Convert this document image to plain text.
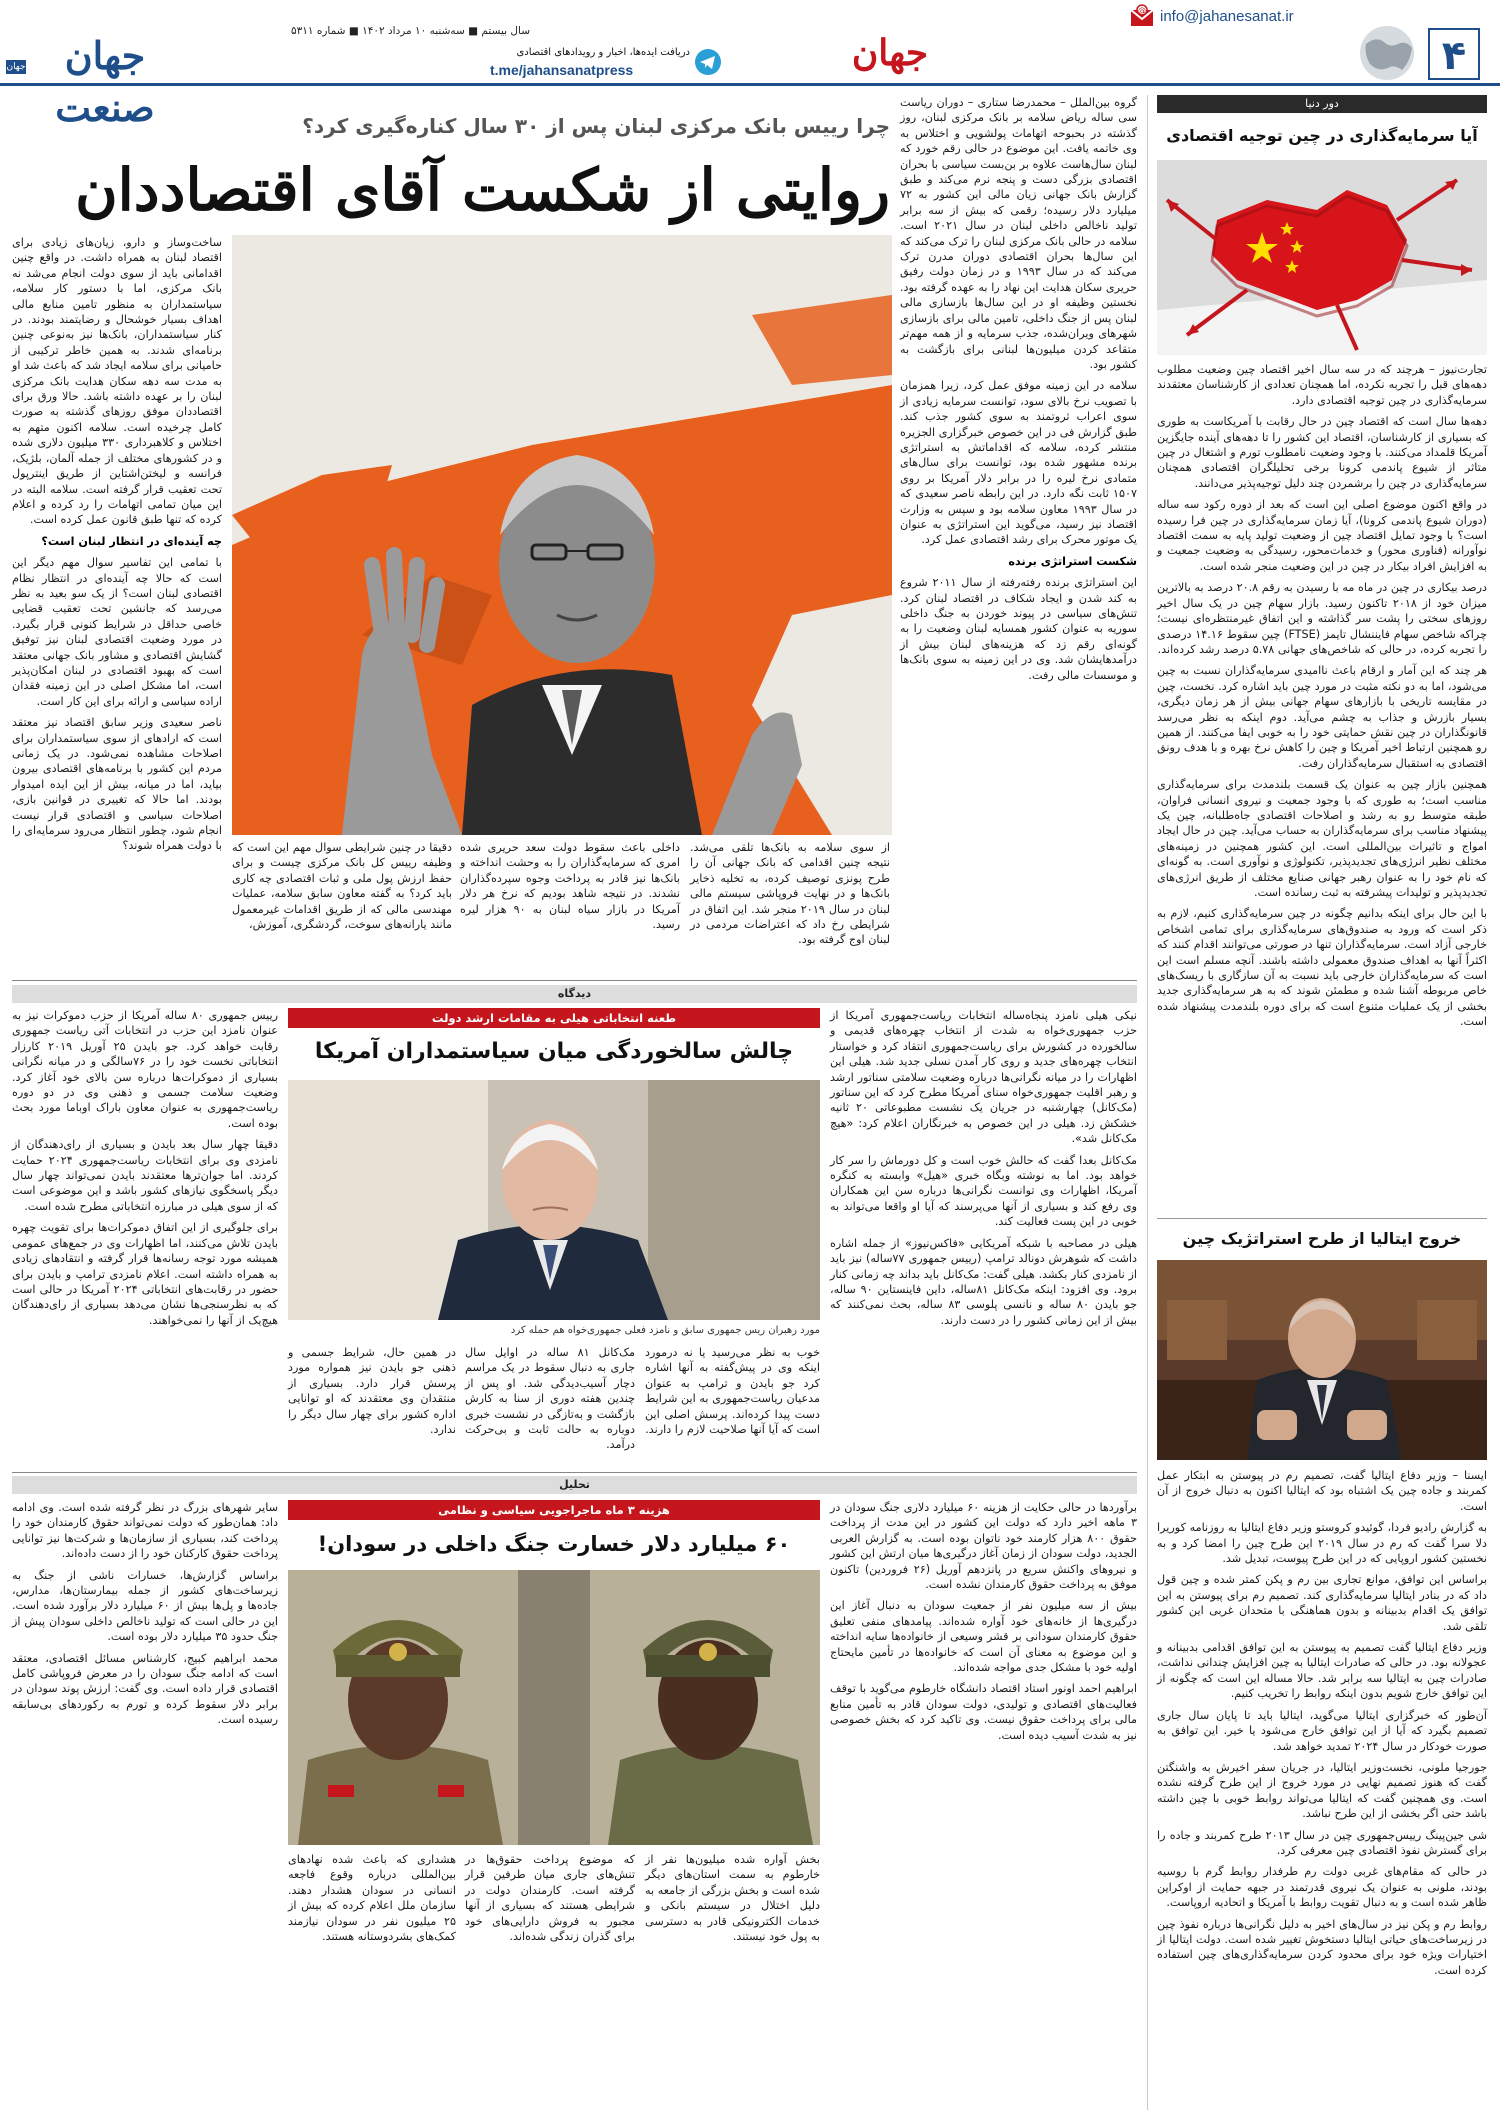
۴
info@jahanesanat.ir
@
جهان
دریافت ایده‌ها، اخبار و رویدادهای اقتصادی
t.me/jahansanatpress
سال بیستم ■ سه‌شنبه ۱۰ مرداد ۱۴۰۲ ■ شماره ۵۳۱۱
جهان صنعت
جهان
دور دنیا
آیا سرمایه‌گذاری در چین توجیه اقتصادی

تجارت‌نیوز – هرچند که در سه سال اخیر اقتصاد چین وضعیت مطلوب دهه‌های قبل را تجربه نکرده، اما همچنان تعدادی از کارشناسان معتقدند سرمایه‌گذاری در چین توجیه اقتصادی دارد.

دهه‌ها سال است که اقتصاد چین در حال رقابت با آمریکاست به طوری که بسیاری از کارشناسان، اقتصاد این کشور را تا دهه‌های آینده جایگزین آمریکا قلمداد می‌کنند. با وجود وضعیت نامطلوب تورم و اشتغال در چین متاثر از شیوع پاندمی کرونا برخی تحلیلگران اقتصادی همچنان سرمایه‌گذاری در چین را برشمردن چند دلیل توجیه‌پذیر می‌دانند.

در واقع اکنون موضوع اصلی این است که بعد از دوره رکود سه ساله (دوران شیوع پاندمی کرونا)، آیا زمان سرمایه‌گذاری در چین فرا رسیده است؟ با وجود تمایل اقتصاد چین از وضعیت تولید پایه به سمت اقتصاد نوآورانه (فناوری محور) و خدمات‌محور، رسیدگی به وضعیت جمعیت و به افزایش افراد بیکار در چین در این وضعیت منجر شده است.

درصد بیکاری در چین در ماه مه با رسیدن به رقم ۲۰.۸ درصد به بالاترین میزان خود از ۲۰۱۸ تاکنون رسید. بازار سهام چین در یک سال اخیر روزهای سختی را پشت سر گذاشته و این اتفاق غیرمنتظره‌ای نیست؛ چراکه شاخص سهام فایننشال تایمز (FTSE) چین سقوط ۱۴.۱۶ درصدی را تجربه کرده، در حالی که شاخص‌های جهانی ۵.۷۸ درصد رشد کرده‌اند.

هر چند که این آمار و ارقام باعث ناامیدی سرمایه‌گذاران نسبت به چین می‌شود، اما به دو نکته مثبت در مورد چین باید اشاره کرد. نخست، چین در مقایسه تاریخی با بازارهای سهام جهانی بیش از هر زمان دیگری، بسیار بازرش و جذاب به چشم می‌آید. دوم اینکه به نظر می‌رسد قانونگذاران در چین نقش حمایتی خود را به خوبی ایفا می‌کنند. از همین رو همچنین ارتباط اخیر آمریکا و چین را کاهش نرخ بهره و با هدف رونق اقتصادی به استقبال سرمایه‌گذاران رفت.

همچنین بازار چین به عنوان یک قسمت بلندمدت برای سرمایه‌گذاری مناسب است؛ به طوری که با وجود جمعیت و نیروی انسانی فراوان، طبقه متوسط رو به رشد و اصلاحات اقتصادی جاه‌طلبانه، چین یک پیشنهاد مناسب برای سرمایه‌گذاران به حساب می‌آید. چین در حال ایجاد امواج و تاثیرات بین‌المللی است. این کشور همچنین در زمینه‌های مختلف نظیر انرژی‌های تجدیدپذیر، تکنولوژی و نوآوری است. به گونه‌ای که نام خود را به عنوان رهبر جهانی صنایع مختلف از طریق انرژی‌های تجدیدپذیر و تولیدات پیشرفته به ثبت رسانده است.

با این حال برای اینکه بدانیم چگونه در چین سرمایه‌گذاری کنیم، لازم به ذکر است که ورود به صندوق‌های سرمایه‌گذاری برای تمامی اشخاص خارجی آزاد است. سرمایه‌گذاران تنها در صورتی می‌توانند اقدام کنند که اکثراً آنها به اهداف صندوق معمولی داشته باشند. آنچه مسلم است این است که سرمایه‌گذاران خارجی باید نسبت به آن سازگاری با ریسک‌های خاص مربوطه آشنا شده و مطمئن شوند که به هر سرمایه‌گذاری جدید بخشی از یک عملیات متنوع است که برای دوره بلندمدت پیشنهاد شده است.

خروج ایتالیا از طرح استراتژیک چین

ایسنا – وزیر دفاع ایتالیا گفت، تصمیم رم در پیوستن به ابتکار عمل کمربند و جاده چین یک اشتباه بود که ایتالیا اکنون به دنبال خروج از آن است.

به گزارش رادیو فردا، گوئیدو کروستو وزیر دفاع ایتالیا به روزنامه کوریرا دلا سرا گفت که رم در سال ۲۰۱۹ این طرح چین را امضا کرد و به نخستین کشور اروپایی که در این طرح پیوست، تبدیل شد.

براساس این توافق، موانع تجاری بین رم و پکن کمتر شده و چین قول داد که در بنادر ایتالیا سرمایه‌گذاری کند. تصمیم رم برای پیوستن به این توافق یک اقدام بدبینانه و بدون هماهنگی با متحدان غربی این کشور تلقی شد.

وزیر دفاع ایتالیا گفت تصمیم به پیوستن به این توافق اقدامی بدبینانه و عجولانه بود. در حالی که صادرات ایتالیا به چین افزایش چندانی نداشت، صادرات چین به ایتالیا سه برابر شد. حالا مساله این است که چگونه از این توافق خارج شویم بدون اینکه روابط را تخریب کنیم.

آن‌طور که خبرگزاری ایتالیا می‌گوید، ایتالیا باید تا پایان سال جاری تصمیم بگیرد که آیا از این توافق خارج می‌شود یا خیر. این توافق به صورت خودکار در سال ۲۰۲۴ تمدید خواهد شد.

جورجیا ملونی، نخست‌وزیر ایتالیا، در جریان سفر اخیرش به واشنگتن گفت که هنوز تصمیم نهایی در مورد خروج از این طرح گرفته نشده است. وی همچنین گفت که ایتالیا می‌تواند روابط خوبی با چین داشته باشد حتی اگر بخشی از این طرح نباشد.

شی جین‌پینگ رییس‌جمهوری چین در سال ۲۰۱۳ طرح کمربند و جاده را برای گسترش نفوذ اقتصادی چین معرفی کرد.

در حالی که مقام‌های غربی دولت رم طرفدار روابط گرم با روسیه بودند، ملونی به عنوان یک نیروی قدرتمند در جبهه حمایت از اوکراین ظاهر شده است و به دنبال تقویت روابط با آمریکا و اتحادیه اروپاست.

روابط رم و پکن نیز در سال‌های اخیر به دلیل نگرانی‌ها درباره نفوذ چین در زیرساخت‌های حیاتی ایتالیا دستخوش تغییر شده است. دولت ایتالیا از اختیارات ویژه خود برای محدود کردن سرمایه‌گذاری‌های چین استفاده کرده است.

چرا رییس بانک مرکزی لبنان پس از ۳۰ سال کناره‌گیری کرد؟
روایتی از شکست آقای اقتصاددان

گروه بین‌الملل – محمدرضا ستاری – دوران ریاست سی ساله ریاض سلامه بر بانک مرکزی لبنان، روز گذشته در بحبوحه اتهامات پولشویی و اختلاس به وی خاتمه یافت. این موضوع در حالی رقم خورد که لبنان سال‌هاست علاوه بر بن‌بست سیاسی با بحران اقتصادی بزرگی دست و پنجه نرم می‌کند و طبق گزارش بانک جهانی زیان مالی این کشور به ۷۲ میلیارد دلار رسیده؛ رقمی که بیش از سه برابر تولید ناخالص داخلی لبنان در سال ۲۰۲۱ است. سلامه در حالی بانک مرکزی لبنان را ترک می‌کند که این سال‌ها بحران اقتصادی دوران مدرن ترک می‌کند که در سال ۱۹۹۳ و در زمان دولت رفیق حریری سکان هدایت این نهاد را به عهده گرفته بود. نخستین وظیفه او در این سال‌ها بازسازی مالی لبنان پس از جنگ داخلی، تامین مالی برای بازسازی شهرهای ویران‌شده، جذب سرمایه و از همه مهم‌تر متقاعد کردن میلیون‌ها لبنانی برای بازگشت به کشور بود.

سلامه در این زمینه موفق عمل کرد، زیرا همزمان با تصویب نرخ بالای سود، توانست سرمایه زیادی از سوی اعراب ثروتمند به سوی کشور جذب کند. طبق گزارش فی در این خصوص خبرگزاری الجزیره منتشر کرده، سلامه که اقداماتش به استراتژی برنده مشهور شده بود، توانست برای سال‌های متمادی نرخ لیره را در برابر دلار آمریکا بر روی ۱۵۰۷ ثابت نگه دارد. در این رابطه ناصر سعیدی که در سال ۱۹۹۳ معاون سلامه بود و سپس به وزارت اقتصاد نیز رسید، می‌گوید این استراتژی به عنوان یک موتور محرک برای رشد اقتصادی عمل کرد.

شکست استراتژی برنده

این استراتژی برنده رفته‌رفته از سال ۲۰۱۱ شروع به کند شدن و ایجاد شکاف در اقتصاد لبنان کرد. تنش‌های سیاسی در پیوند خوردن به جنگ داخلی سوریه به عنوان کشور همسایه لبنان وضعیت را به گونه‌ای رقم زد که هزینه‌های لبنان بیش از درآمدهایشان شد. وی در این زمینه به سوی بانک‌ها و موسسات مالی رفت.

ساخت‌وساز و دارو، زیان‌های زیادی برای اقتصاد لبنان به همراه داشت. در واقع چنین اقدامانی باید از سوی دولت انجام می‌شد نه بانک مرکزی، اما با دستور کار سلامه، سیاستمداران به منظور تامین منابع مالی اهداف بسیار خوشحال و رضایتمند بودند. در کنار سیاستمداران، بانک‌ها نیز به‌نوعی چنین برنامه‌ای شدند. به همین خاطر ترکیبی از حامیانی برای سلامه ایجاد شد که باعث شد او به مدت سه دهه سکان هدایت بانک مرکزی لبنان را بر عهده داشته باشد. حالا ورق برای اقتصاددان موفق روزهای گذشته به صورت کامل چرخیده است. سلامه اکنون متهم به اختلاس و کلاهبرداری ۳۳۰ میلیون دلاری شده و در کشورهای مختلف از جمله آلمان، بلژیک، فرانسه و لیختن‌اشتاین از طریق اینترپول تحت تعقیب قرار گرفته است. سلامه البته در این میان تمامی اتهامات را رد کرده و اعلام کرده که تنها طبق قانون عمل کرده است.

چه آینده‌ای در انتظار لبنان است؟

با تمامی این تفاسیر سوال مهم دیگر این است که حالا چه آینده‌ای در انتظار نظام اقتصادی لبنان است؟ از یک سو بعید به نظر می‌رسد که جانشین تحت تعقیب قضایی خاصی حداقل در شرایط کنونی قرار بگیرد. در مورد وضعیت اقتصادی لبنان نیز توفیق گشایش اقتصادی و مشاور بانک جهانی معتقد است که بهبود اقتصادی در لبنان امکان‌پذیر است، اما مشکل اصلی در این زمینه فقدان اراده سیاسی و ارائه برای این کار است.

ناصر سعیدی وزیر سابق اقتصاد نیز معتقد است که ارادهای از سوی سیاستمداران برای اصلاحات مشاهده نمی‌شود. در یک زمانی مردم این کشور با برنامه‌های اقتصادی بیرون بیاید، اما در میانه، بیش از این ایده امیدوار بودند. اما حالا که تغییری در قوانین بازی، اصلاحات سیاسی و اقتصادی قرار نیست انجام شود، چطور انتظار می‌رود سرمایه‌ای را با دولت همراه شوند؟	از سوی سلامه به بانک‌ها تلقی می‌شد. نتیجه چنین اقدامی که بانک جهانی آن را طرح پونزی توصیف کرده، به تخلیه ذخایر بانک‌ها و در نهایت فروپاشی سیستم مالی لبنان در سال ۲۰۱۹ منجر شد. این اتفاق در شرایطی رخ داد که اعتراضات مردمی در لبنان اوج گرفته بود.
داخلی باعث سقوط دولت سعد حریری شده امری که سرمایه‌گذاران را به وحشت انداخته و بانک‌ها نیز قادر به پرداخت وجوه سپرده‌گذاران نشدند. در نتیجه شاهد بودیم که نرخ هر دلار آمریکا در بازار سیاه لبنان به ۹۰ هزار لیره رسید.
دقیقا در چنین شرایطی سوال مهم این است که وظیفه رییس کل بانک مرکزی چیست و برای حفظ ارزش پول ملی و ثبات اقتصادی چه کاری باید کرد؟ به گفته معاون سابق سلامه، عملیات مهندسی مالی که از طریق اقدامات غیرمعمول مانند یارانه‌های سوخت، گردشگری، آموزش،
دیدگاه

نیکی هیلی نامزد پنجاه‌ساله انتخابات ریاست‌جمهوری آمریکا از حزب جمهوری‌خواه به شدت از انتخاب چهره‌های قدیمی و سالخورده در کشورش برای ریاست‌جمهوری انتقاد کرد و خواستار انتخاب چهره‌های جدید و روی کار آمدن نسلی جدید شد. هیلی این اظهارات را در میانه نگرانی‌ها درباره وضعیت سلامتی سناتور ارشد و رهبر اقلیت جمهوری‌خواه سنای آمریکا مطرح کرد که این سناتور (مک‌کانل) چهارشنبه در جریان یک نشست مطبوعاتی ۲۰ ثانیه خشکش زد. هیلی در این خصوص به خبرنگاران اعلام کرد: «هیچ مک‌کانل شد».

مک‌کانل بعدا گفت که حالش خوب است و کل دورماش را سر کار خواهد بود. اما به نوشته وبگاه خبری «هیل» وابسته به کنگره آمریکا، اظهارات وی توانست نگرانی‌ها درباره سن این همکاران وی رفع کند و بسیاری از آنها می‌پرسند که آیا او واقعا می‌تواند به خوبی در این پست فعالیت کند.

هیلی در مصاحبه با شبکه آمریکایی «فاکس‌نیوز» از جمله اشاره داشت که شوهرش دونالد ترامپ (رییس جمهوری ۷۷ساله) نیز باید از نامزدی کنار بکشد. هیلی گفت: مک‌کانل باید بداند چه زمانی کنار برود. وی افزود: اینکه مک‌کانل ۸۱ساله، داین فاینستاین ۹۰ ساله، جو بایدن ۸۰ ساله و نانسی پلوسی ۸۳ ساله، بحث نمی‌کنند که بیش از این زمانی کشور را در دست دارند.

طعنه انتخاباتی هیلی به مقامات ارشد دولت
چالش سالخوردگی میان سیاستمداران آمریکا
مورد رهبران ریس جمهوری سابق و نامزد فعلی جمهوری‌خواه هم حمله کرد

رییس جمهوری ۸۰ ساله آمریکا از حزب دموکرات نیز به عنوان نامزد این حزب در انتخابات آتی ریاست جمهوری رقابت خواهد کرد. جو بایدن ۲۵ آوریل ۲۰۱۹ کارزار انتخاباتی نخست خود را در ۷۶سالگی و در میانه نگرانی بسیاری از دموکرات‌ها درباره سن بالای خود آغاز کرد. وضعیت سلامت جسمی و ذهنی وی در دو دوره ریاست‌جمهوری به عنوان معاون باراک اوباما مورد بحث بوده است.

دقیقا چهار سال بعد بایدن و بسیاری از رای‌دهندگان از نامزدی وی برای انتخابات ریاست‌جمهوری ۲۰۲۴ حمایت کردند. اما جوان‌ترها معتقدند بایدن نمی‌تواند چهار سال دیگر پاسخگوی نیازهای کشور باشد و این موضوعی است که از سوی هیلی در مبارزه انتخاباتی مطرح شده است.

برای جلوگیری از این اتفاق دموکرات‌ها برای تقویت چهره بایدن تلاش می‌کنند، اما اظهارات وی در جمع‌های عمومی همیشه مورد توجه رسانه‌ها قرار گرفته و انتقادهای زیادی به همراه داشته است. اعلام نامزدی ترامپ و بایدن برای حضور در رقابت‌های انتخاباتی ۲۰۲۴ آمریکا در حالی است که به نظرسنجی‌ها نشان می‌دهد بسیاری از رای‌دهندگان هیچ‌یک از آنها را نمی‌خواهند.

خوب به نظر می‌رسید یا نه درمورد اینکه وی در پیش‌گفته به آنها اشاره کرد جو بایدن و ترامپ به عنوان مدعیان ریاست‌جمهوری به این شرایط دست پیدا کرده‌اند. پرسش اصلی این است که آیا آنها صلاحیت لازم را دارند.
مک‌کانل ۸۱ ساله در اوایل سال جاری به دنبال سقوط در یک مراسم دچار آسیب‌دیدگی شد. او پس از چندین هفته دوری از سنا به کارش بازگشت و به‌تازگی در نشست خبری دوباره به حالت ثابت و بی‌حرکت درآمد.
در همین حال، شرایط جسمی و ذهنی جو بایدن نیز همواره مورد پرسش قرار دارد. بسیاری از منتقدان وی معتقدند که او توانایی اداره کشور برای چهار سال دیگر را ندارد.
تحلیل

برآوردها در حالی حکایت از هزینه ۶۰ میلیارد دلاری جنگ سودان در ۳ ماهه اخیر دارد که دولت این کشور در این مدت از پرداخت حقوق ۸۰۰ هزار کارمند خود ناتوان بوده است. به گزارش العربی الجدید، دولت سودان از زمان آغاز درگیری‌ها میان ارتش این کشور و نیروهای واکنش سریع در پانزدهم آوریل (۲۶ فروردین) تاکنون موفق به پرداخت حقوق کارمندان نشده است.

بیش از سه میلیون نفر از جمعیت سودان به دنبال آغاز این درگیری‌ها از خانه‌های خود آواره شده‌اند. پیامدهای منفی تعلیق حقوق کارمندان سودانی بر قشر وسیعی از خانواده‌ها سایه انداخته و این موضوع به معنای آن است که خانواده‌ها در تأمین مایحتاج اولیه خود با مشکل جدی مواجه شده‌اند.

ابراهیم احمد اونور استاد اقتصاد دانشگاه خارطوم می‌گوید با توقف فعالیت‌های اقتصادی و تولیدی، دولت سودان قادر به تأمین منابع مالی برای پرداخت حقوق نیست. وی تاکید کرد که بخش خصوصی نیز به شدت آسیب دیده است.

هزینه ۳ ماه ماجراجویی سیاسی و نظامی
۶۰ میلیارد دلار خسارت جنگ داخلی در سودان!

سایر شهرهای بزرگ در نظر گرفته شده است. وی ادامه داد: همان‌طور که دولت نمی‌تواند حقوق کارمندان خود را پرداخت کند، بسیاری از سازمان‌ها و شرکت‌ها نیز توانایی پرداخت حقوق کارکنان خود را از دست داده‌اند.

براساس گزارش‌ها، خسارات ناشی از جنگ به زیرساخت‌های کشور از جمله بیمارستان‌ها، مدارس، جاده‌ها و پل‌ها بیش از ۶۰ میلیارد دلار برآورد شده است. این در حالی است که تولید ناخالص داخلی سودان پیش از جنگ حدود ۳۵ میلیارد دلار بوده است.

محمد ابراهیم کبیج، کارشناس مسائل اقتصادی، معتقد است که ادامه جنگ سودان را در معرض فروپاشی کامل اقتصادی قرار داده است. وی گفت: ارزش پوند سودان در برابر دلار سقوط کرده و تورم به رکوردهای بی‌سابقه رسیده است.

بخش آواره شده میلیون‌ها نفر از خارطوم به سمت استان‌های دیگر شده است و بخش بزرگی از جامعه به دلیل اختلال در سیستم بانکی و خدمات الکترونیکی قادر به دسترسی به پول خود نیستند.
که موضوع پرداخت حقوق‌ها در تنش‌های جاری میان طرفین قرار گرفته است. کارمندان دولت در شرایطی هستند که بسیاری از آنها مجبور به فروش دارایی‌های خود برای گذران زندگی شده‌اند.
هشداری که باعث شده نهادهای بین‌المللی درباره وقوع فاجعه انسانی در سودان هشدار دهند. سازمان ملل اعلام کرده که بیش از ۲۵ میلیون نفر در سودان نیازمند کمک‌های بشردوستانه هستند.
